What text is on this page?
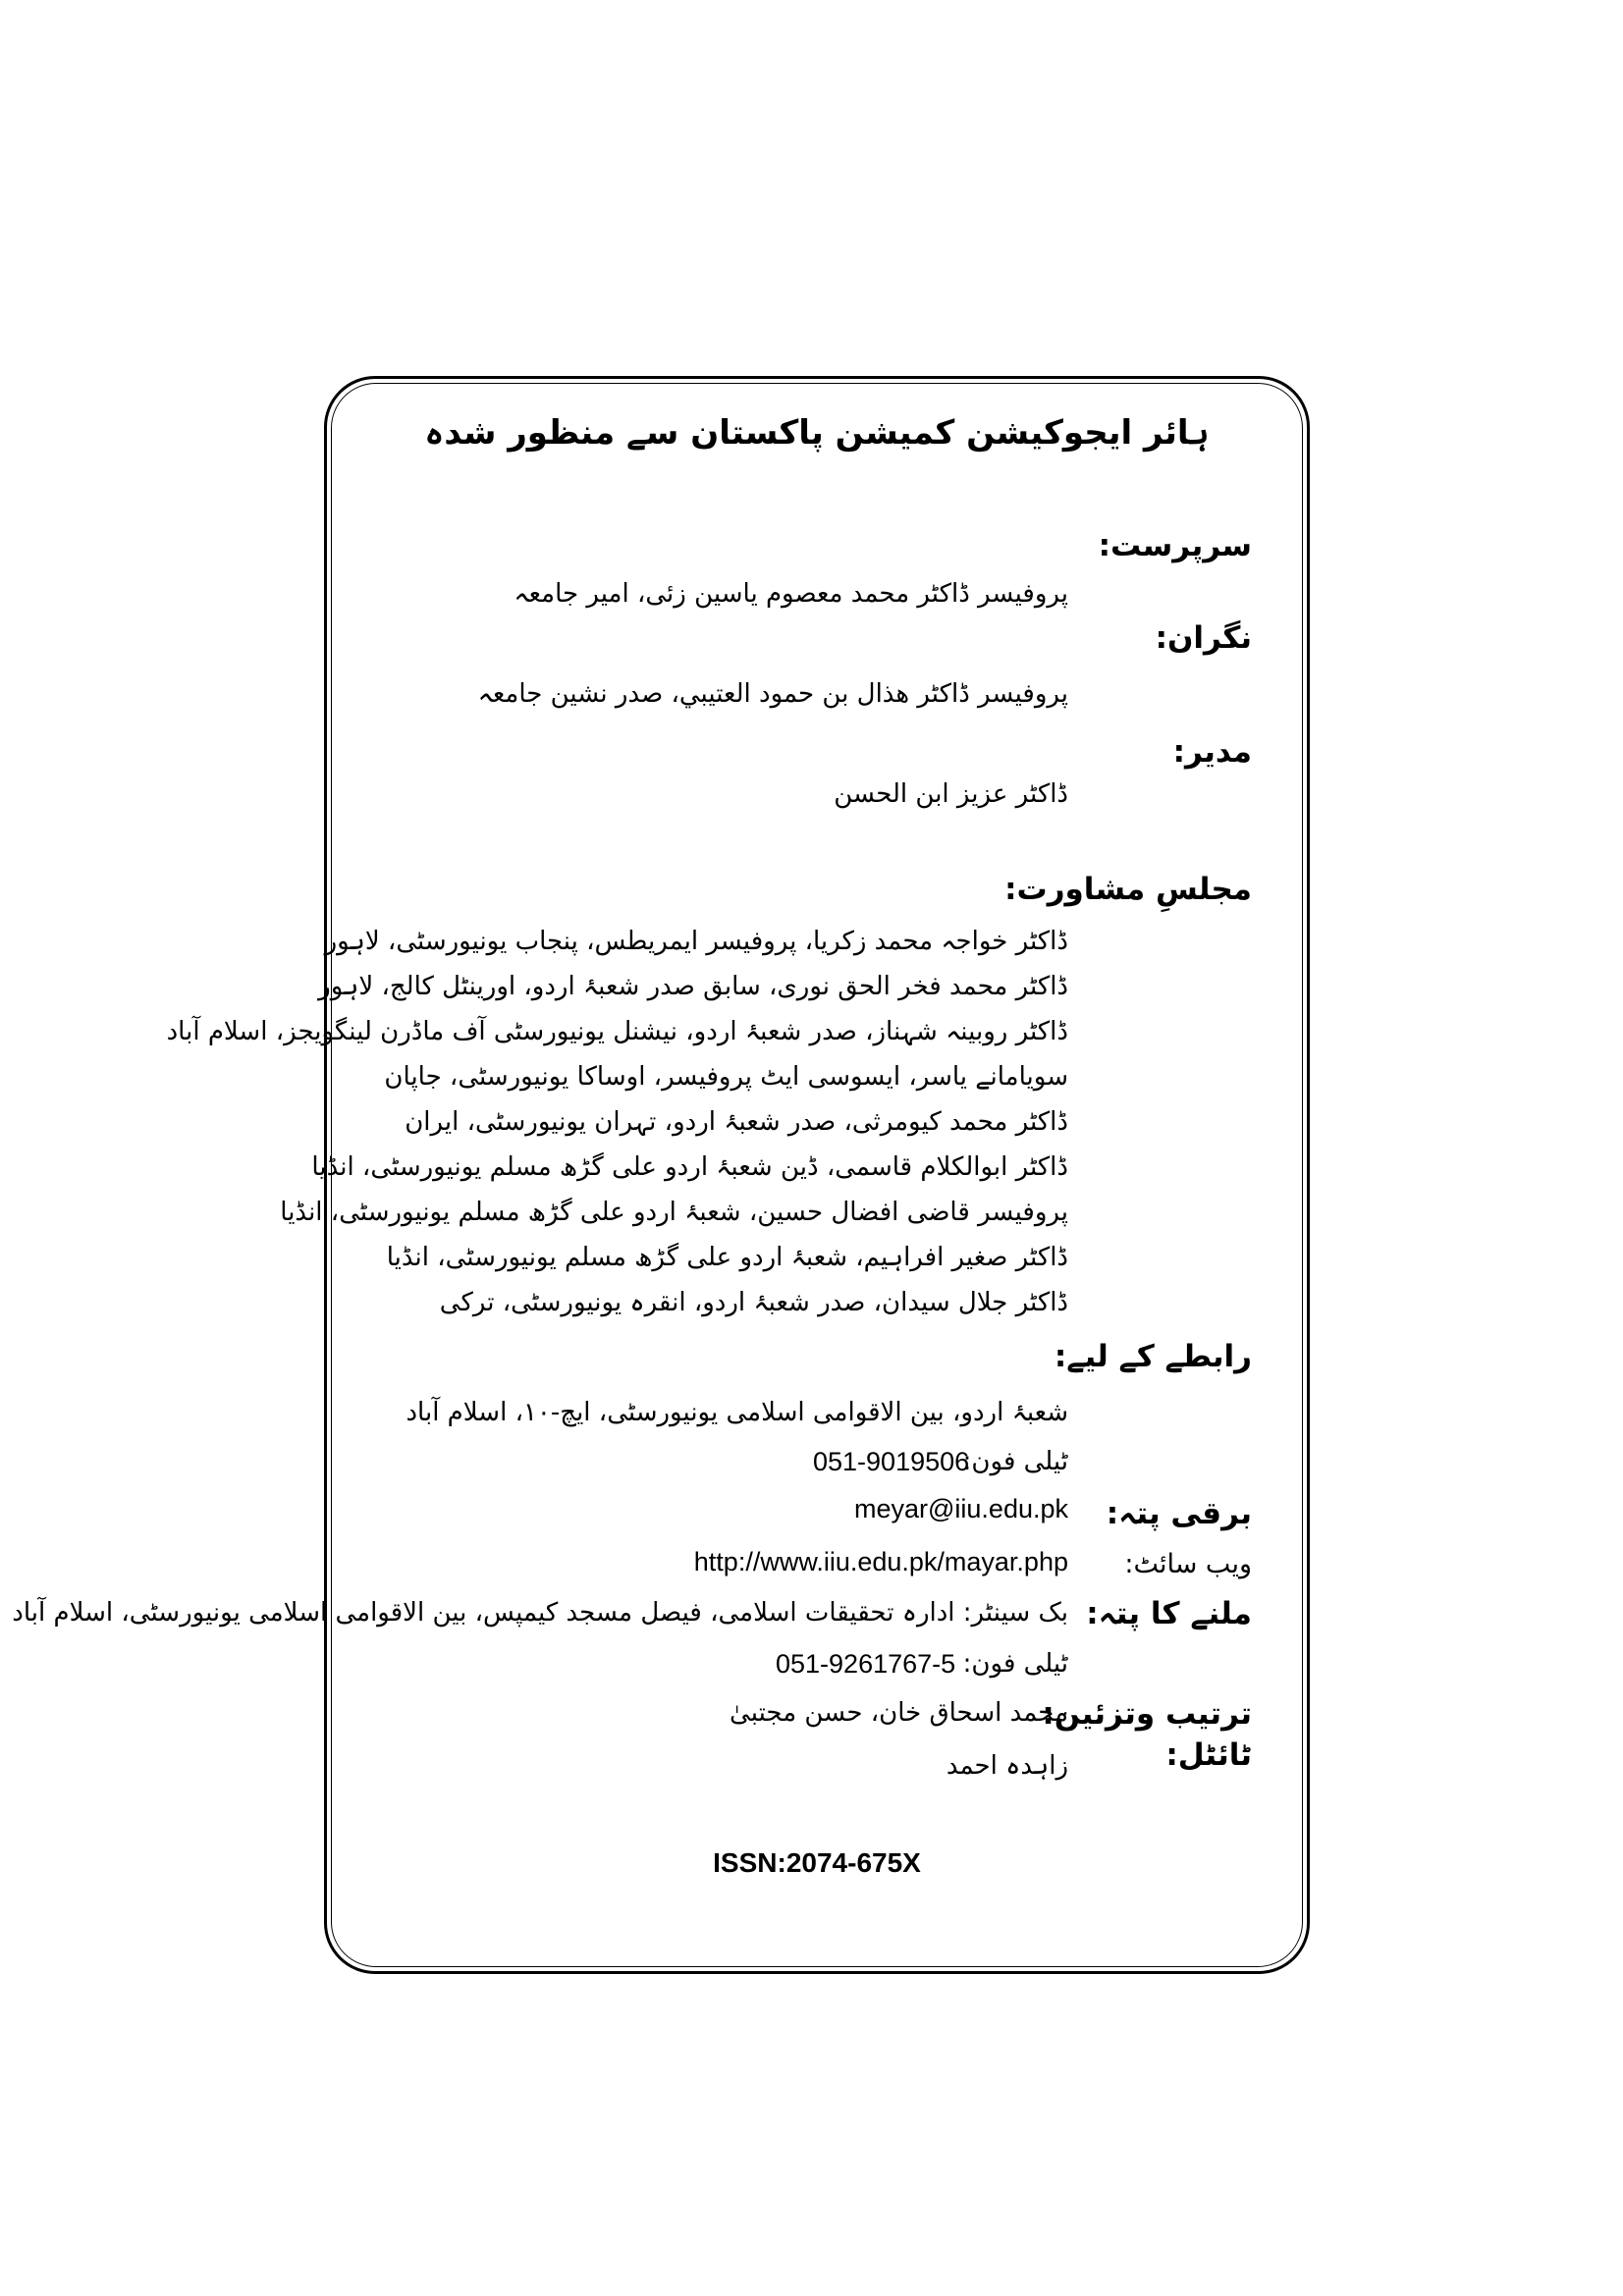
ہائر ایجوکیشن کمیشن پاکستان سے منظور شدہ
سرپرست:
پروفیسر ڈاکٹر محمد معصوم یاسین زئی، امیر جامعہ
نگران:
پروفیسر ڈاکٹر هذال بن حمود العتيبي، صدر نشین جامعہ
مدیر:
ڈاکٹر عزیز ابن الحسن
مجلسِ مشاورت:
ڈاکٹر خواجہ محمد زکریا، پروفیسر ایمریطس، پنجاب یونیورسٹی، لاہور
ڈاکٹر محمد فخر الحق نوری، سابق صدر شعبۂ اردو، اورینٹل کالج، لاہور
ڈاکٹر روبینہ شہناز، صدر شعبۂ اردو، نیشنل یونیورسٹی آف ماڈرن لینگویجز، اسلام آباد
سویامانے یاسر، ایسوسی ایٹ پروفیسر، اوساکا یونیورسٹی، جاپان
ڈاکٹر محمد کیومرثی، صدر شعبۂ اردو، تہران یونیورسٹی، ایران
ڈاکٹر ابوالکلام قاسمی، ڈین شعبۂ اردو علی گڑھ مسلم یونیورسٹی، انڈیا
پروفیسر قاضی افضال حسین، شعبۂ اردو علی گڑھ مسلم یونیورسٹی، انڈیا
ڈاکٹر صغیر افراہیم، شعبۂ اردو علی گڑھ مسلم یونیورسٹی، انڈیا
ڈاکٹر جلال سیدان، صدر شعبۂ اردو، انقرہ یونیورسٹی، ترکی
رابطے کے لیے:
شعبۂ اردو، بین الاقوامی اسلامی یونیورسٹی، ایچ-۱۰، اسلام آباد
ٹیلی فون:
051-9019506
برقی پتہ:
meyar@iiu.edu.pk
ویب سائٹ:
http://www.iiu.edu.pk/mayar.php
ملنے کا پتہ:
بک سینٹر: ادارہ تحقیقات اسلامی، فیصل مسجد کیمپس، بین الاقوامی اسلامی یونیورسٹی، اسلام آباد
ٹیلی فون:
051-9261767-5
ترتیب وتزئین:
محمد اسحاق خان، حسن مجتبیٰ
ٹائٹل:
زاہدہ احمد
ISSN:2074-675X
